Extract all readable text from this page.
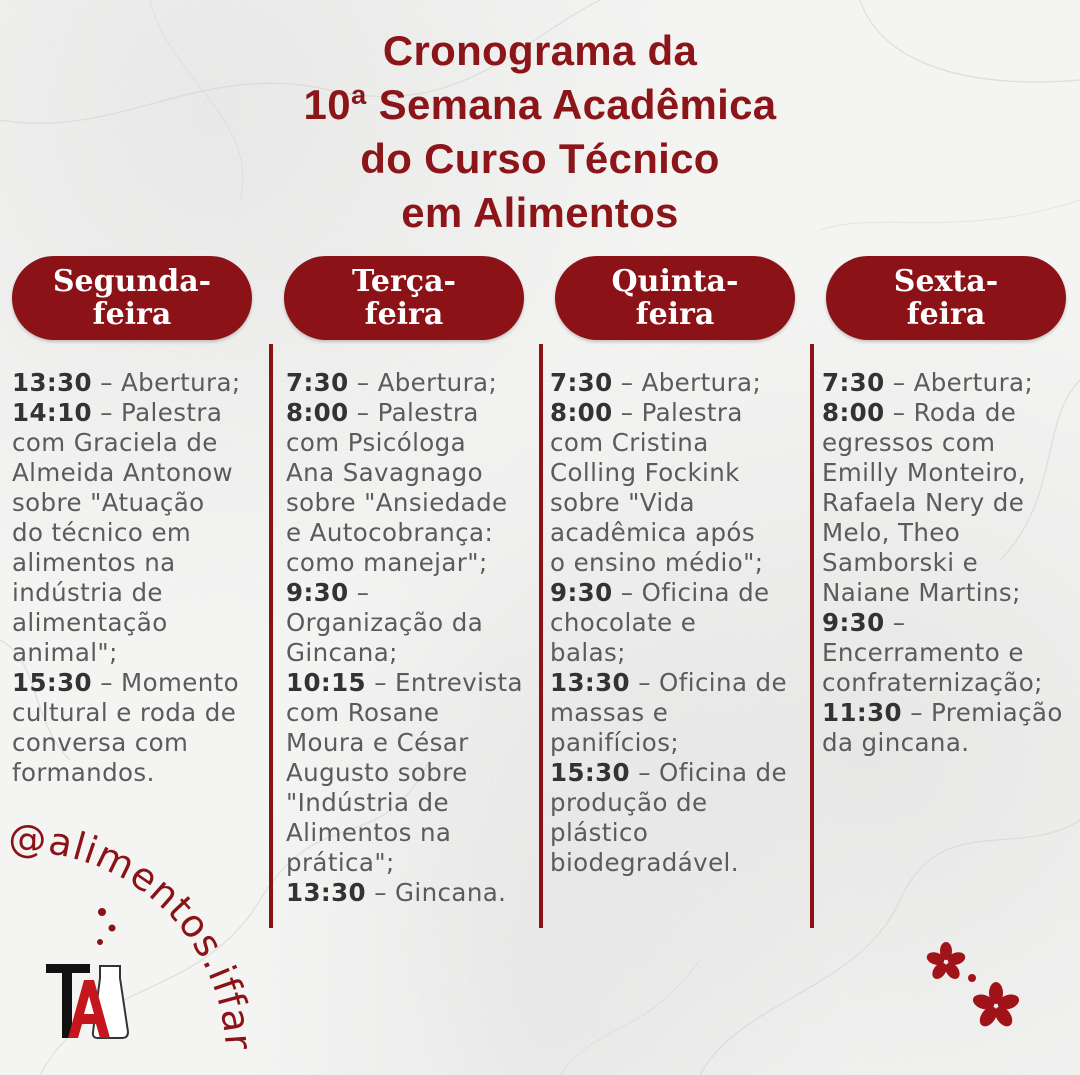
Cronograma da
10ª Semana Acadêmica
do Curso Técnico
em Alimentos
Segunda-
feira
Terça-
feira
Quinta-
feira
Sexta-
feira
13:30 – Abertura;
14:10 – Palestra
com Graciela de
Almeida Antonow
sobre "Atuação
do técnico em
alimentos na
indústria de
alimentação
animal";
15:30 – Momento
cultural e roda de
conversa com
formandos.
7:30 – Abertura;
8:00 – Palestra
com Psicóloga
Ana Savagnago
sobre "Ansiedade
e Autocobrança:
como manejar";
9:30 –
Organização da
Gincana;
10:15 – Entrevista
com Rosane
Moura e César
Augusto sobre
"Indústria de
Alimentos na
prática";
13:30 – Gincana.
7:30 – Abertura;
8:00 – Palestra
com Cristina
Colling Fockink
sobre "Vida
acadêmica após
o ensino médio";
9:30 – Oficina de
chocolate e
balas;
13:30 – Oficina de
massas e
panifícios;
15:30 – Oficina de
produção de
plástico
biodegradável.
7:30 – Abertura;
8:00 – Roda de
egressos com
Emilly Monteiro,
Rafaela Nery de
Melo, Theo
Samborski e
Naiane Martins;
9:30 –
Encerramento e
confraternização;
11:30 – Premiação
da gincana.
@alimentos.iffar
